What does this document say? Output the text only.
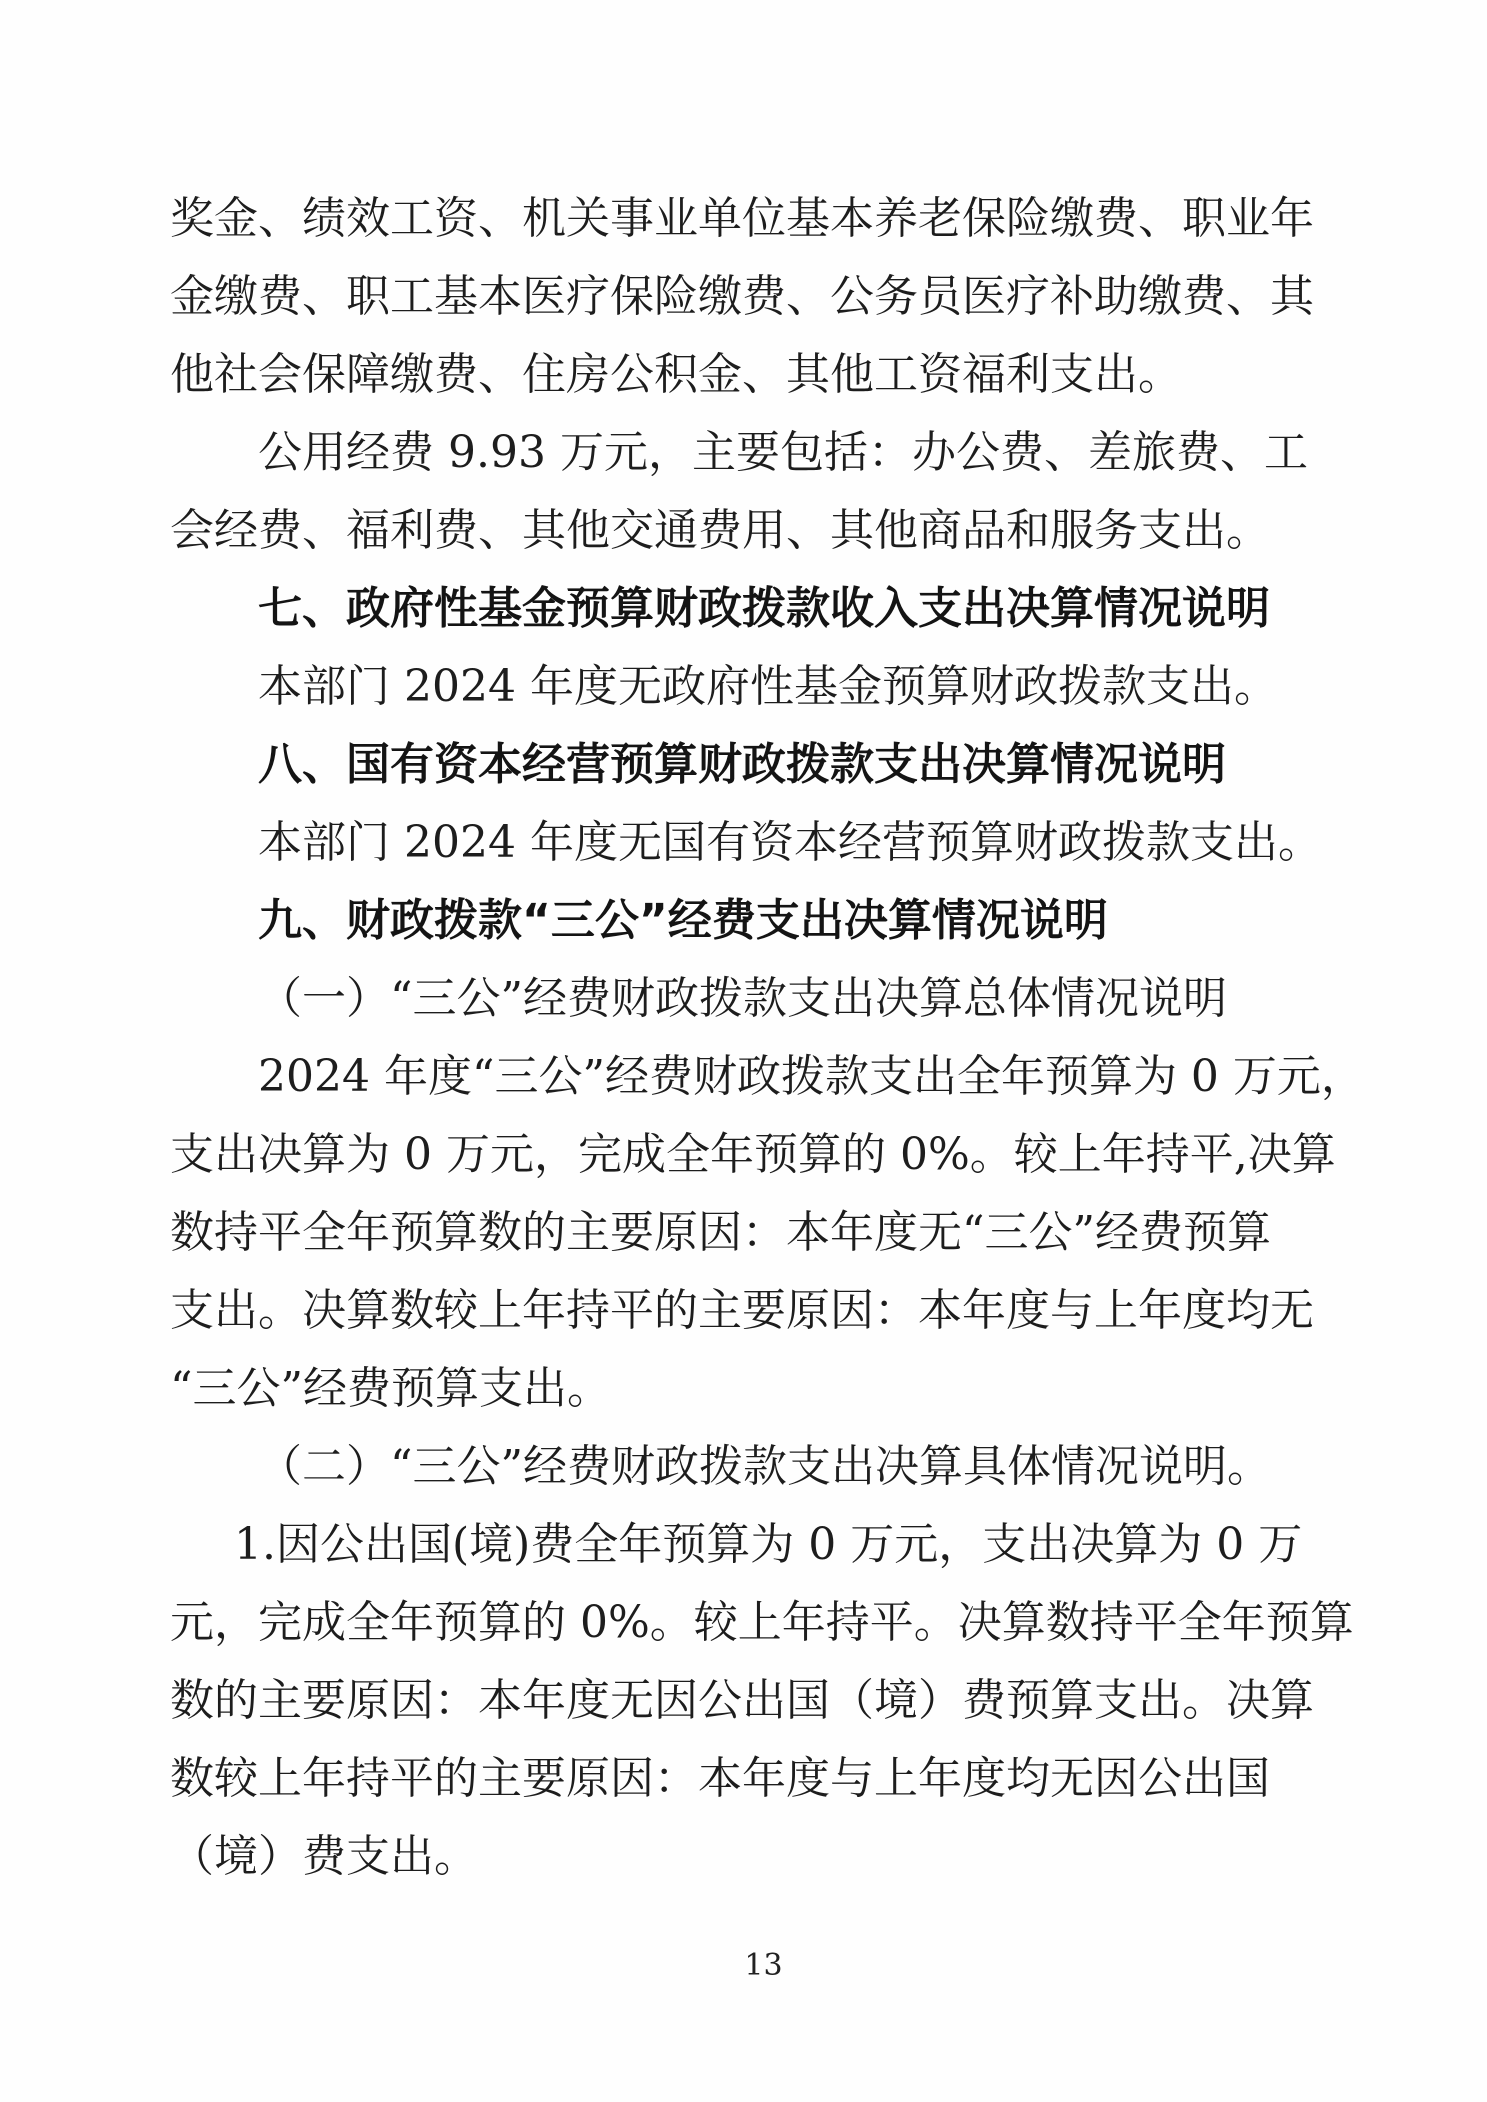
奖金、绩效工资、机关事业单位基本养老保险缴费、职业年
金缴费、职工基本医疗保险缴费、公务员医疗补助缴费、其
他社会保障缴费、住房公积金、其他工资福利支出。
公用经费 9.93 万元，主要包括：办公费、差旅费、工
会经费、福利费、其他交通费用、其他商品和服务支出。
七、政府性基金预算财政拨款收入支出决算情况说明
本部门 2024 年度无政府性基金预算财政拨款支出。
八、国有资本经营预算财政拨款支出决算情况说明
本部门 2024 年度无国有资本经营预算财政拨款支出。
九、财政拨款“三公”经费支出决算情况说明
（一）“三公”经费财政拨款支出决算总体情况说明
2024 年度“三公”经费财政拨款支出全年预算为 0 万元，
支出决算为 0 万元，完成全年预算的 0%。较上年持平,决算
数持平全年预算数的主要原因：本年度无“三公”经费预算
支出。决算数较上年持平的主要原因：本年度与上年度均无
“三公”经费预算支出。
（二）“三公”经费财政拨款支出决算具体情况说明。
1.因公出国(境)费全年预算为 0 万元，支出决算为 0 万
元，完成全年预算的 0%。较上年持平。决算数持平全年预算
数的主要原因：本年度无因公出国（境）费预算支出。决算
数较上年持平的主要原因：本年度与上年度均无因公出国
（境）费支出。
13
